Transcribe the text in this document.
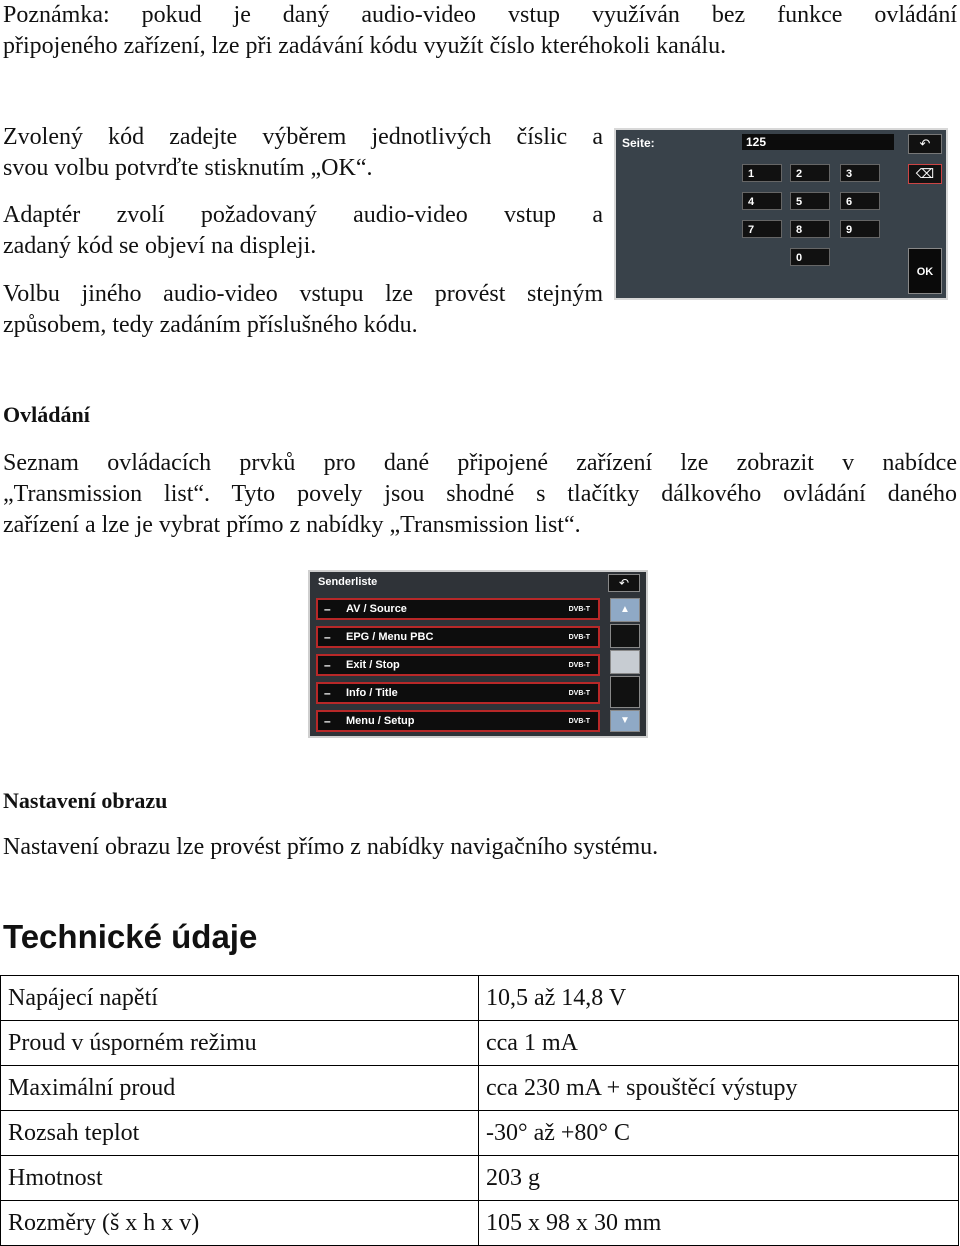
Poznámka: pokud je daný audio-video vstup využíván bez funkce ovládání
připojeného zařízení, lze při zadávání kódu využít číslo kteréhokoli kanálu.
Zvolený kód zadejte výběrem jednotlivých číslic a
svou volbu potvrďte stisknutím „OK“.
Adaptér zvolí požadovaný audio-video vstup a
zadaný kód se objeví na displeji.
Volbu jiného audio-video vstupu lze provést stejným
způsobem, tedy zadáním příslušného kódu.
Seite:	125
1	2	3
4	5	6
7	8	9
0
↶
⌫
OK
Ovládání
Seznam ovládacích prvků pro dané připojené zařízení lze zobrazit v nabídce
„Transmission list“. Tyto povely jsou shodné s tlačítky dálkového ovládání daného
zařízení a lze je vybrat přímo z nabídky „Transmission list“.
Senderliste	↶
– AV / Source	DVB-T
– EPG / Menu PBC	DVB-T
– Exit / Stop	DVB-T
– Info / Title	DVB-T
– Menu / Setup	DVB-T
▲
▼
Nastavení obrazu

Nastavení obrazu lze provést přímo z nabídky navigačního systému.

Technické údaje
Napájecí napětí	10,5 až 14,8 V
Proud v úsporném režimu	cca 1 mA
Maximální proud	cca 230 mA + spouštěcí výstupy
Rozsah teplot	-30° až +80° C
Hmotnost	203 g
Rozměry (š x h x v)	105 x 98 x 30 mm
